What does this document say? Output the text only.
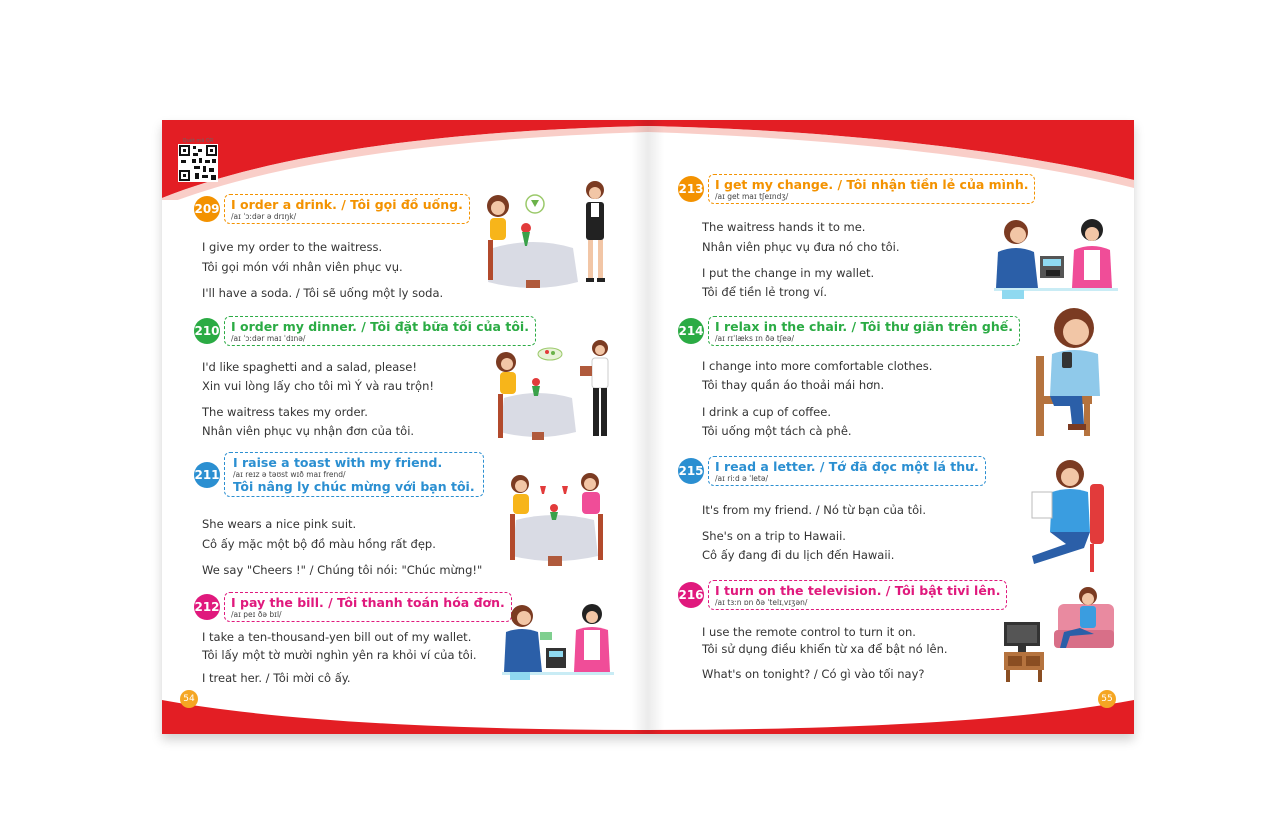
Quét mã QR
209 I order a drink. / Tôi gọi đồ uống.
/aɪ ˈɔːdər ə drɪŋk/
I give my order to the waitress.
Tôi gọi món với nhân viên phục vụ.
I'll have a soda. / Tôi sẽ uống một ly soda.
210 I order my dinner. / Tôi đặt bữa tối của tôi.
/aɪ ˈɔːdər maɪ ˈdɪnə/
I'd like spaghetti and a salad, please!
Xin vui lòng lấy cho tôi mì Ý và rau trộn!
The waitress takes my order.
Nhân viên phục vụ nhận đơn của tôi.
211
I raise a toast with my friend.
/aɪ reɪz ə təʊst wɪð maɪ frend/
Tôi nâng ly chúc mừng với bạn tôi.
She wears a nice pink suit.
Cô ấy mặc một bộ đồ màu hồng rất đẹp.
We say "Cheers !" / Chúng tôi nói: "Chúc mừng!"
212 I pay the bill. / Tôi thanh toán hóa đơn.
/aɪ peɪ ðə bɪl/
I take a ten-thousand-yen bill out of my wallet.
Tôi lấy một tờ mười nghìn yên ra khỏi ví của tôi.
I treat her. / Tôi mời cô ấy.
54
213 I get my change. / Tôi nhận tiền lẻ của mình.
/aɪ get maɪ tʃeɪndʒ/
The waitress hands it to me.
Nhân viên phục vụ đưa nó cho tôi.
I put the change in my wallet.
Tôi để tiền lẻ trong ví.
214 I relax in the chair. / Tôi thư giãn trên ghế.
/aɪ rɪˈlæks ɪn ðə tʃeə/
I change into more comfortable clothes.
Tôi thay quần áo thoải mái hơn.
I drink a cup of coffee.
Tôi uống một tách cà phê.
215 I read a letter. / Tớ đã đọc một lá thư.
/aɪ riːd ə ˈletə/
It's from my friend. / Nó từ bạn của tôi.
She's on a trip to Hawaii.
Cô ấy đang đi du lịch đến Hawaii.
216 I turn on the television. / Tôi bật tivi lên.
/aɪ tɜːn ɒn ðə ˈtelɪˌvɪʒən/
I use the remote control to turn it on.
Tôi sử dụng điều khiển từ xa để bật nó lên.
What's on tonight? / Có gì vào tối nay?
55
